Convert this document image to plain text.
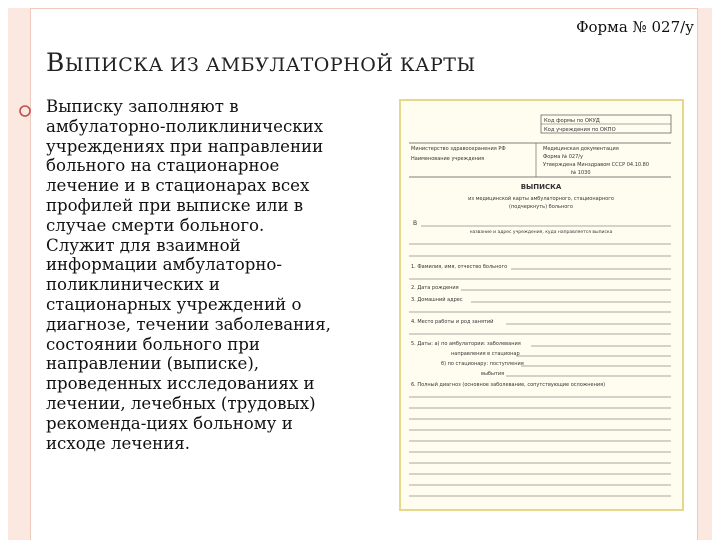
Форма № 027/у
ВЫПИСКА ИЗ АМБУЛАТОРНОЙ КАРТЫ
Выписку заполняют в
амбулаторно-поликлинических
учреждениях при направлении
больного на стационарное
лечение и в стационарах всех
профилей при выписке или в
случае смерти больного.
Служит для взаимной
информации амбулаторно-
поликлинических и
стационарных учреждений о
диагнозе, течении заболевания,
состоянии больного при
направлении (выписке),
проведенных исследованиях и
лечении, лечебных (трудовых)
рекоменда-циях больному и
исходе лечения.
Код формы по ОКУД
Код учреждения по ОКПО
Министерство здравоохранения РФ
Наименование учреждения
Медицинская документация
Форма № 027/у
Утверждена Минздравом СССР 04.10.80
№ 1030
ВЫПИСКА
из медицинской карты амбулаторного, стационарного
(подчеркнуть) больного
В
название и адрес учреждения, куда направляется выписка
1. Фамилия, имя, отчество больного
2. Дата рождения
3. Домашний адрес
4. Место работы и род занятий
5. Даты: а) по амбулатории: заболевания
направления в стационар
б) по стационару: поступления
выбытия
6. Полный диагноз (основное заболевание, сопутствующие осложнения)
